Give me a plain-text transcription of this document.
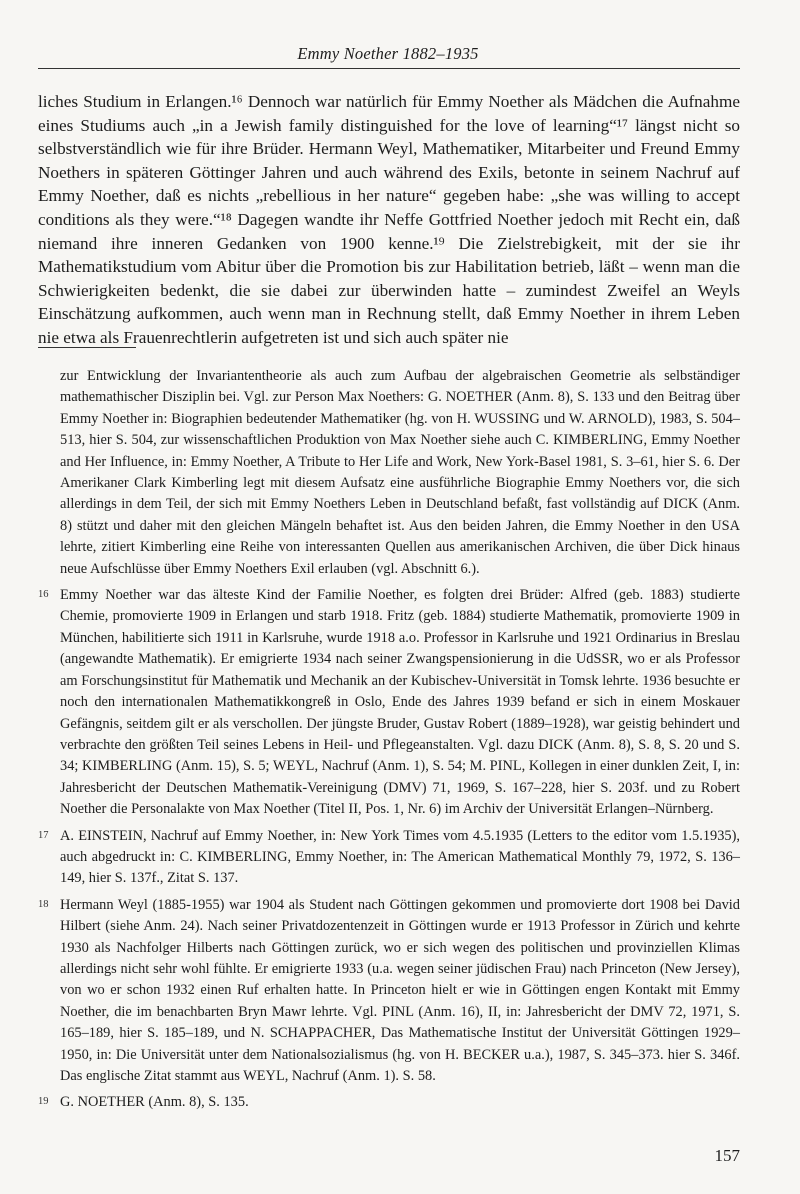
Emmy Noether 1882–1935

liches Studium in Erlangen.¹⁶ Dennoch war natürlich für Emmy Noether als Mädchen die Aufnahme eines Studiums auch „in a Jewish family distinguished for the love of learning“¹⁷ längst nicht so selbstverständlich wie für ihre Brüder. Hermann Weyl, Mathematiker, Mitarbeiter und Freund Emmy Noethers in späteren Göttinger Jahren und auch während des Exils, betonte in seinem Nachruf auf Emmy Noether, daß es nichts „rebellious in her nature“ gegeben habe: „she was willing to accept conditions als they were.“¹⁸ Dagegen wandte ihr Neffe Gottfried Noether jedoch mit Recht ein, daß niemand ihre inneren Gedanken von 1900 kenne.¹⁹ Die Zielstrebigkeit, mit der sie ihr Mathematikstudium vom Abitur über die Promotion bis zur Habilitation betrieb, läßt – wenn man die Schwierigkeiten bedenkt, die sie dabei zur überwinden hatte – zumindest Zweifel an Weyls Einschätzung aufkommen, auch wenn man in Rechnung stellt, daß Emmy Noether in ihrem Leben nie etwa als Frauenrechtlerin aufgetreten ist und sich auch später nie

zur Entwicklung der Invariantentheorie als auch zum Aufbau der algebraischen Geometrie als selbständiger mathemathischer Disziplin bei. Vgl. zur Person Max Noethers: G. NOETHER (Anm. 8), S. 133 und den Beitrag über Emmy Noether in: Biographien bedeutender Mathematiker (hg. von H. WUSSING und W. ARNOLD), 1983, S. 504–513, hier S. 504, zur wissenschaftlichen Produktion von Max Noether siehe auch C. KIMBERLING, Emmy Noether and Her Influence, in: Emmy Noether, A Tribute to Her Life and Work, New York-Basel 1981, S. 3–61, hier S. 6. Der Amerikaner Clark Kimberling legt mit diesem Aufsatz eine ausführliche Biographie Emmy Noethers vor, die sich allerdings in dem Teil, der sich mit Emmy Noethers Leben in Deutschland befaßt, fast vollständig auf DICK (Anm. 8) stützt und daher mit den gleichen Mängeln behaftet ist. Aus den beiden Jahren, die Emmy Noether in den USA lehrte, zitiert Kimberling eine Reihe von interessanten Quellen aus amerikanischen Archiven, die über Dick hinaus neue Aufschlüsse über Emmy Noethers Exil erlauben (vgl. Abschnitt 6.).

16 Emmy Noether war das älteste Kind der Familie Noether, es folgten drei Brüder: Alfred (geb. 1883) studierte Chemie, promovierte 1909 in Erlangen und starb 1918. Fritz (geb. 1884) studierte Mathematik, promovierte 1909 in München, habilitierte sich 1911 in Karlsruhe, wurde 1918 a.o. Professor in Karlsruhe und 1921 Ordinarius in Breslau (angewandte Mathematik). Er emigrierte 1934 nach seiner Zwangspensionierung in die UdSSR, wo er als Professor am Forschungsinstitut für Mathematik und Mechanik an der Kubischev-Universität in Tomsk lehrte. 1936 besuchte er noch den internationalen Mathematikkongreß in Oslo, Ende des Jahres 1939 befand er sich in einem Moskauer Gefängnis, seitdem gilt er als verschollen. Der jüngste Bruder, Gustav Robert (1889–1928), war geistig behindert und verbrachte den größten Teil seines Lebens in Heil- und Pflegeanstalten. Vgl. dazu DICK (Anm. 8), S. 8, S. 20 und S. 34; KIMBERLING (Anm. 15), S. 5; WEYL, Nachruf (Anm. 1), S. 54; M. PINL, Kollegen in einer dunklen Zeit, I, in: Jahresbericht der Deutschen Mathematik-Vereinigung (DMV) 71, 1969, S. 167–228, hier S. 203f. und zu Robert Noether die Personalakte von Max Noether (Titel II, Pos. 1, Nr. 6) im Archiv der Universität Erlangen–Nürnberg.

17 A. EINSTEIN, Nachruf auf Emmy Noether, in: New York Times vom 4.5.1935 (Letters to the editor vom 1.5.1935), auch abgedruckt in: C. KIMBERLING, Emmy Noether, in: The American Mathematical Monthly 79, 1972, S. 136–149, hier S. 137f., Zitat S. 137.

18 Hermann Weyl (1885-1955) war 1904 als Student nach Göttingen gekommen und promovierte dort 1908 bei David Hilbert (siehe Anm. 24). Nach seiner Privatdozentenzeit in Göttingen wurde er 1913 Professor in Zürich und kehrte 1930 als Nachfolger Hilberts nach Göttingen zurück, wo er sich wegen des politischen und provinziellen Klimas allerdings nicht sehr wohl fühlte. Er emigrierte 1933 (u.a. wegen seiner jüdischen Frau) nach Princeton (New Jersey), von wo er schon 1932 einen Ruf erhalten hatte. In Princeton hielt er wie in Göttingen engen Kontakt mit Emmy Noether, die im benachbarten Bryn Mawr lehrte. Vgl. PINL (Anm. 16), II, in: Jahresbericht der DMV 72, 1971, S. 165–189, hier S. 185–189, und N. SCHAPPACHER, Das Mathematische Institut der Universität Göttingen 1929–1950, in: Die Universität unter dem Nationalsozialismus (hg. von H. BECKER u.a.), 1987, S. 345–373. hier S. 346f. Das englische Zitat stammt aus WEYL, Nachruf (Anm. 1). S. 58.

19 G. NOETHER (Anm. 8), S. 135.

157
